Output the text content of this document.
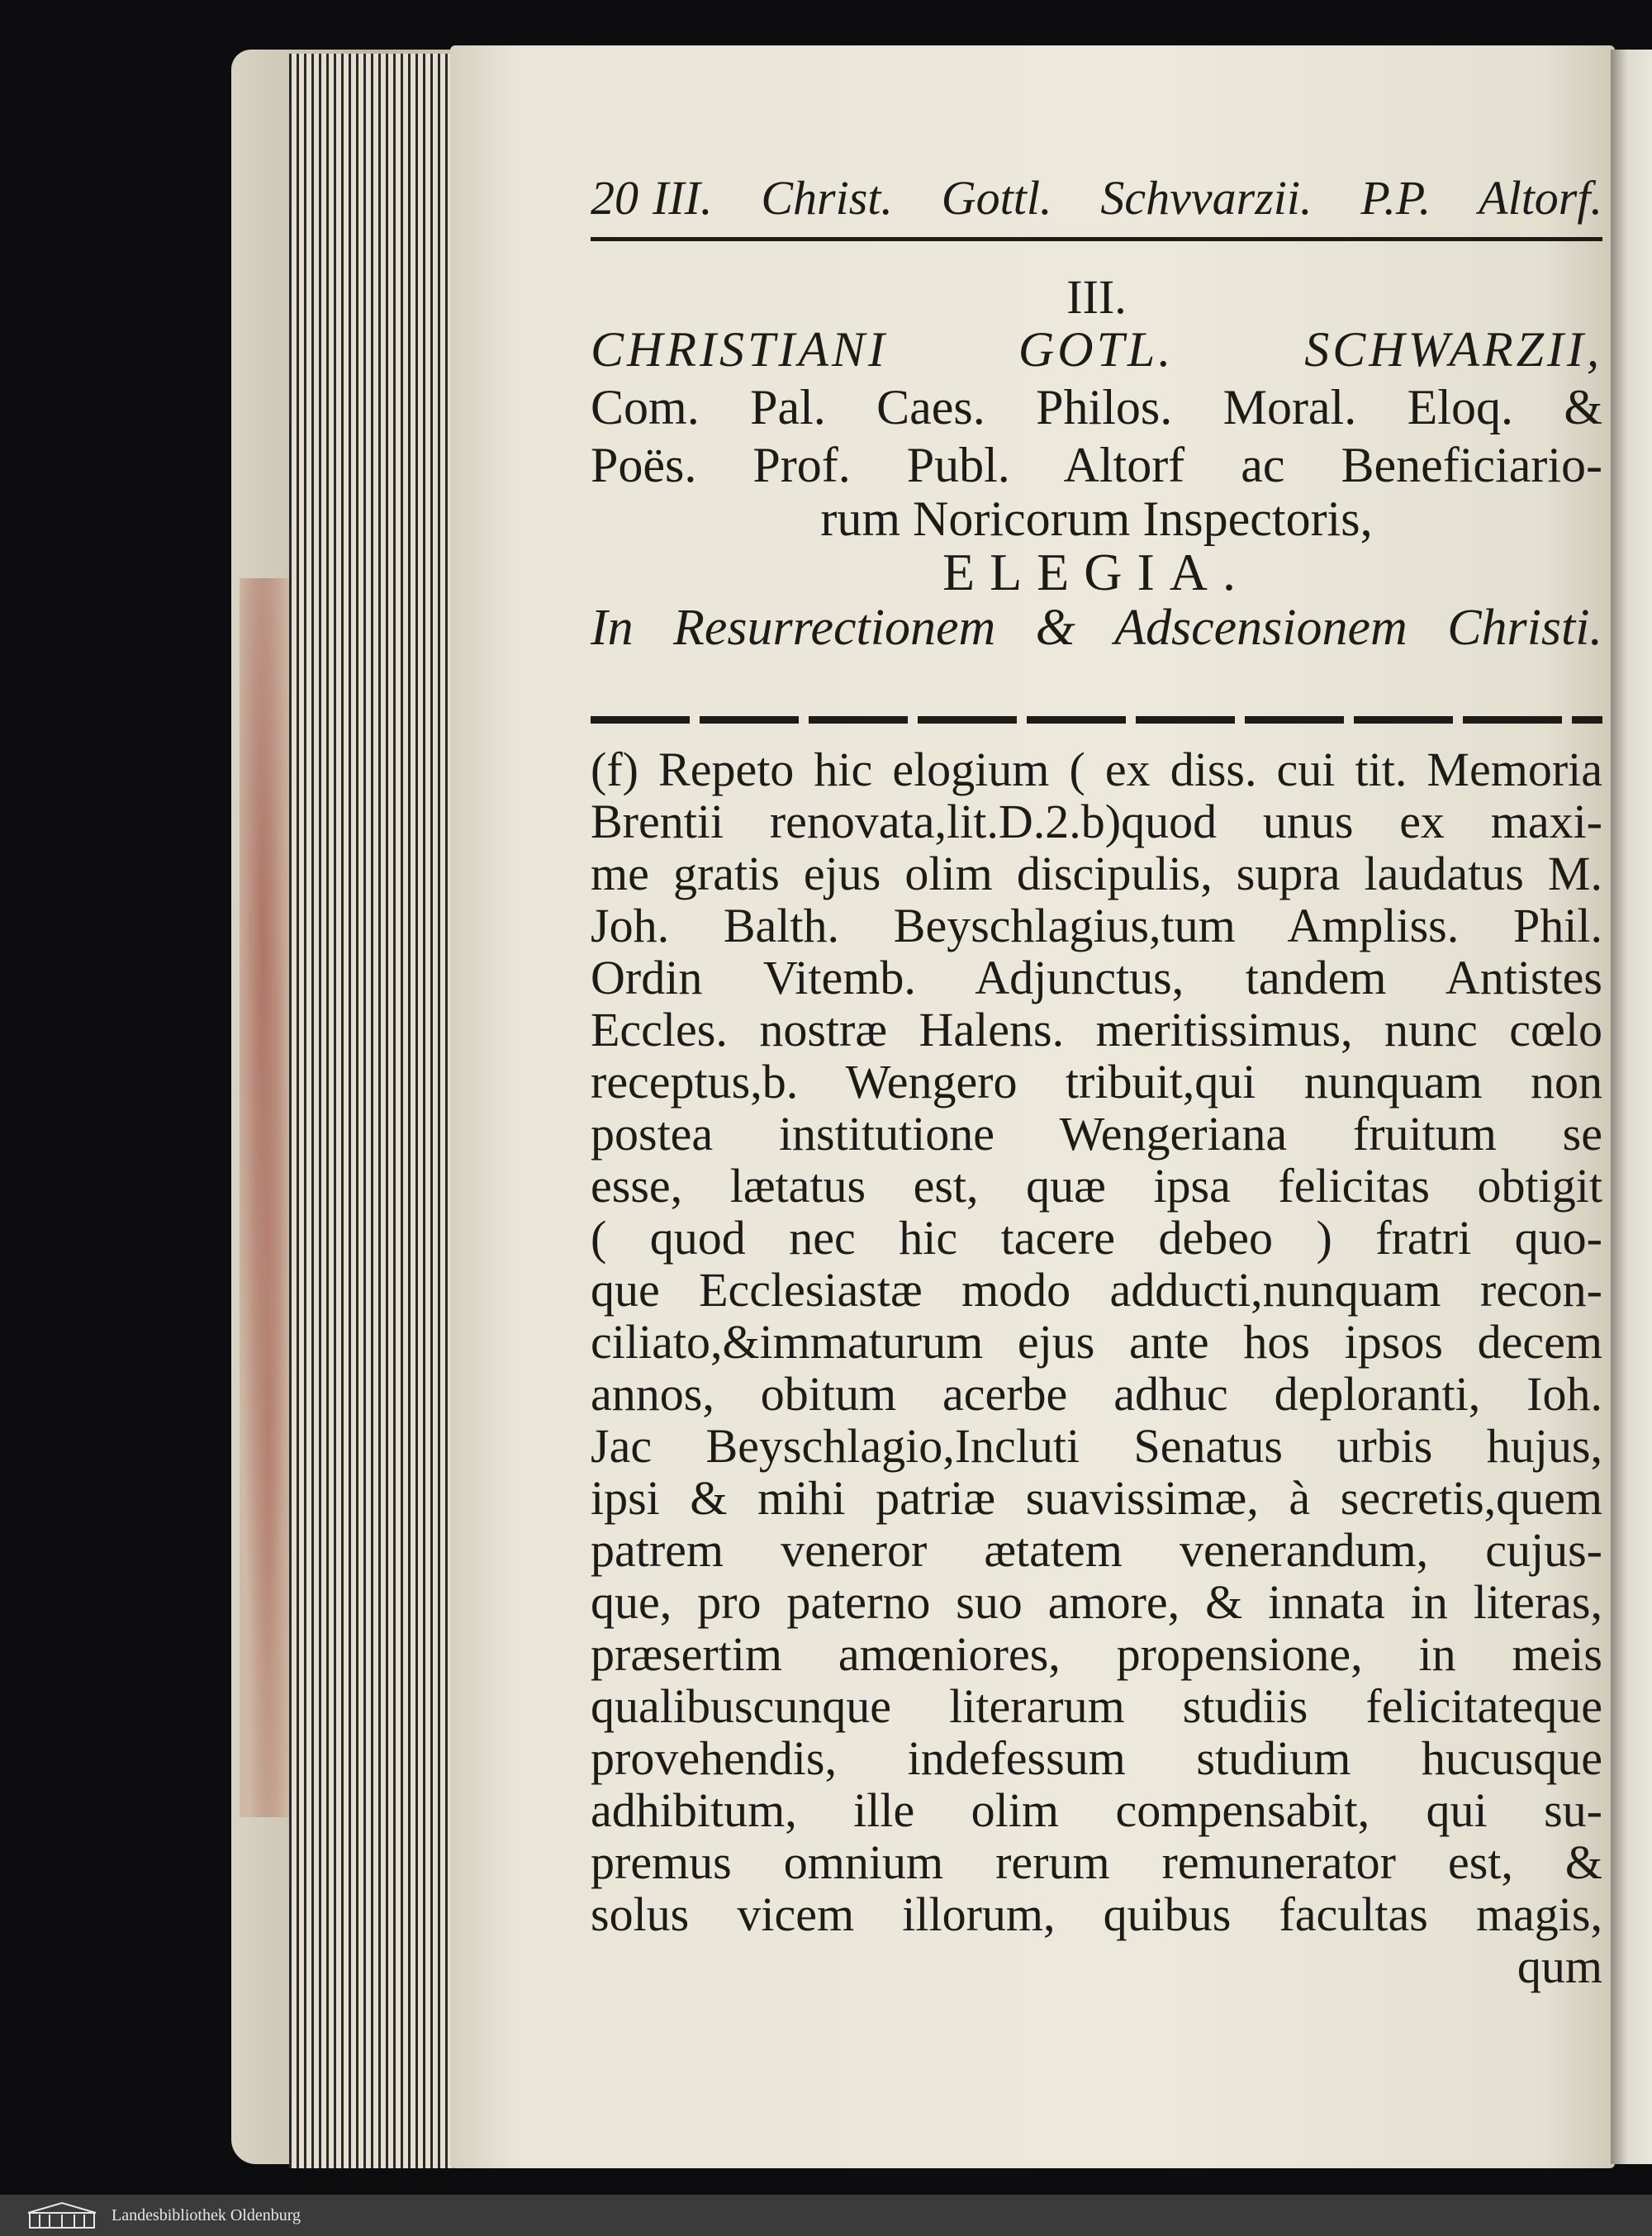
20 III. Christ. Gottl. Schvvarzii. P.P. Altorf.
III.
CHRISTIANI GOTL. SCHWARZII,
Com. Pal. Caes. Philos. Moral. Eloq. &
Poës. Prof. Publ. Altorf ac Beneficiario-
rum Noricorum Inspectoris,
ELEGIA.
In Resurrectionem & Adscensionem Christi.
(f) Repeto hic elogium ( ex diss. cui tit. Memoria
Brentii renovata,lit.D.2.b)quod unus ex maxi-
me gratis ejus olim discipulis, supra laudatus M.
Joh. Balth. Beyschlagius,tum Ampliss. Phil.
Ordin Vitemb. Adjunctus, tandem Antistes
Eccles. nostræ Halens. meritissimus, nunc cœlo
receptus,b. Wengero tribuit,qui nunquam non
postea institutione Wengeriana fruitum se
esse, lætatus est, quæ ipsa felicitas obtigit
( quod nec hic tacere debeo ) fratri quo-
que Ecclesiastæ modo adducti,nunquam recon-
ciliato,&immaturum ejus ante hos ipsos decem
annos, obitum acerbe adhuc deploranti, Ioh.
Jac Beyschlagio,Incluti Senatus urbis hujus,
ipsi & mihi patriæ suavissimæ, à secretis,quem
patrem veneror ætatem venerandum, cujus-
que, pro paterno suo amore, & innata in literas,
præsertim amœniores, propensione, in meis
qualibuscunque literarum studiis felicitateque
provehendis, indefessum studium hucusque
adhibitum, ille olim compensabit, qui su-
premus omnium rerum remunerator est, &
solus vicem illorum, quibus facultas magis,
qum
Landesbibliothek Oldenburg
